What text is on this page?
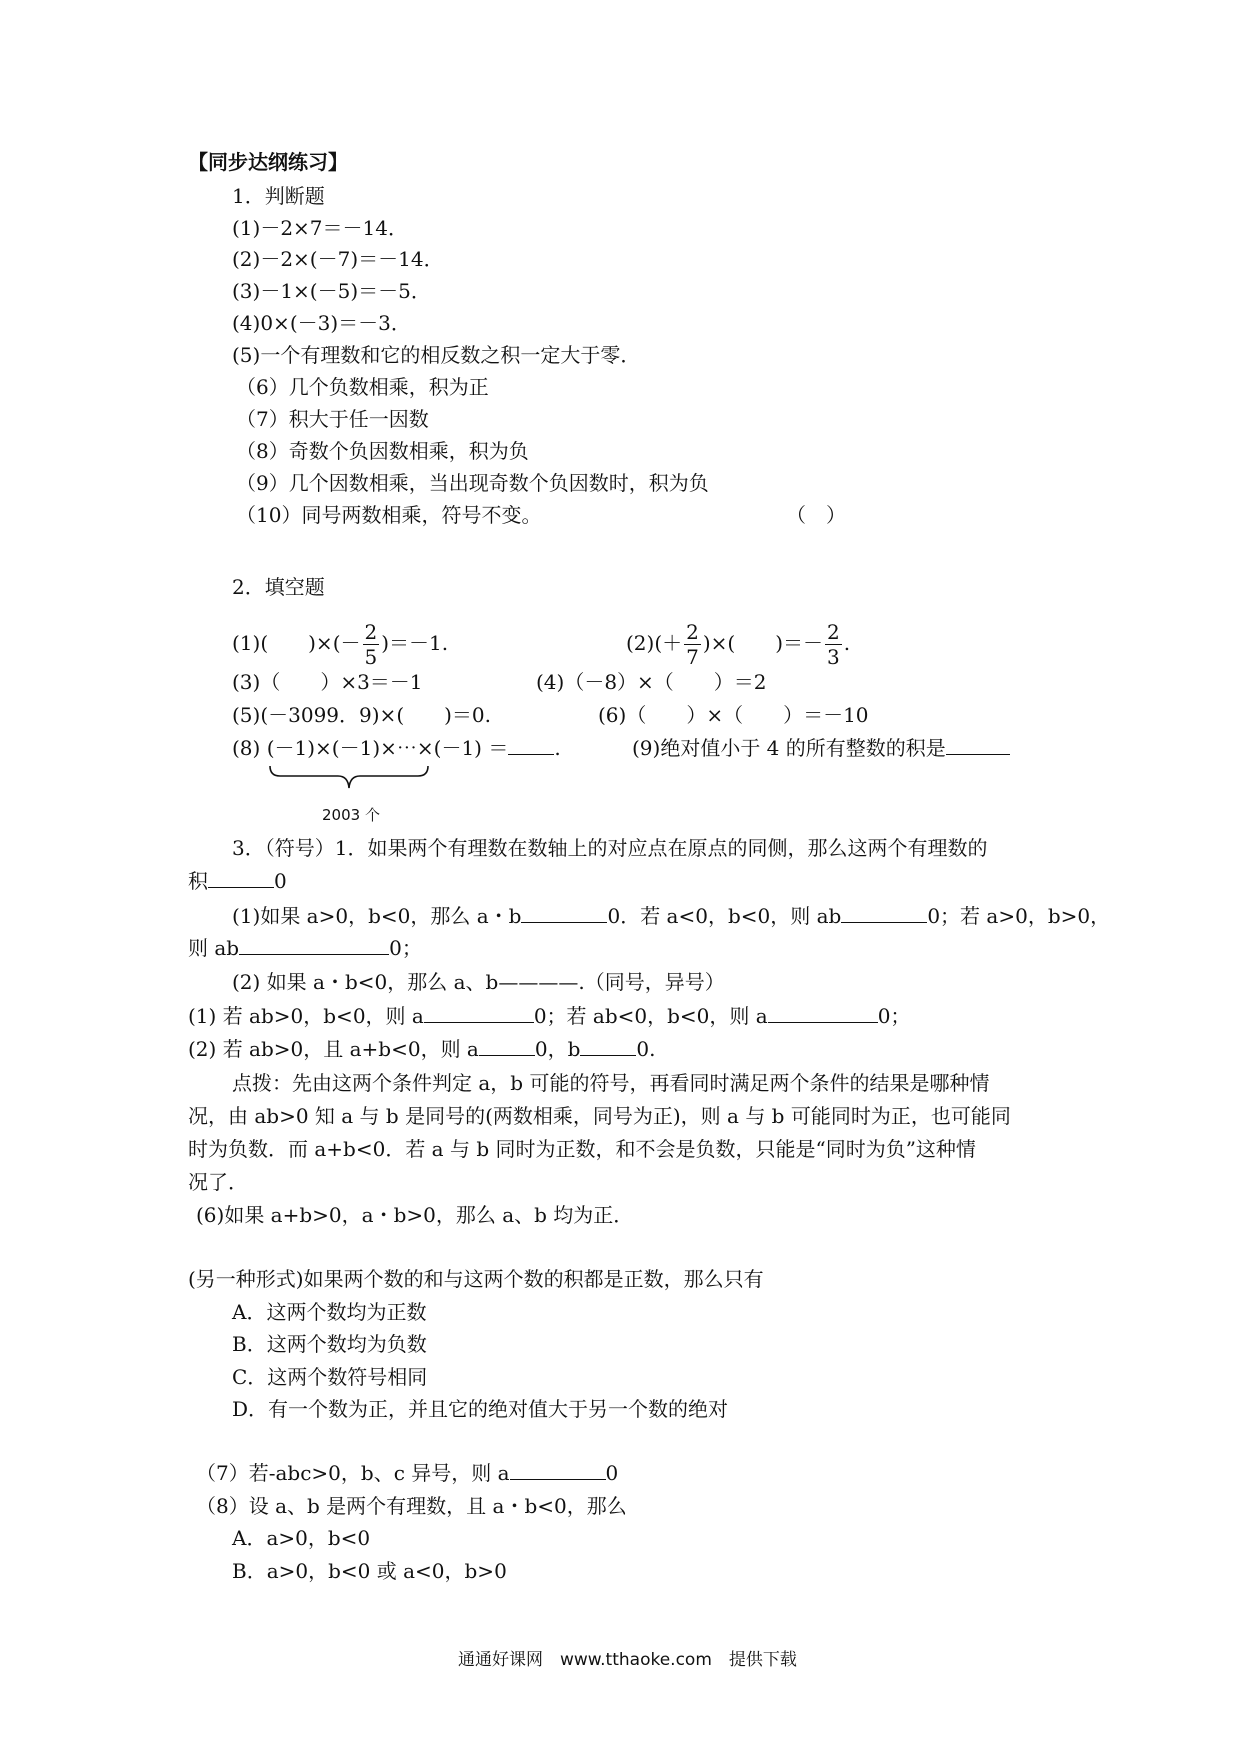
【同步达纲练习】
1．判断题
(1)－2×7＝－14．
(2)－2×(－7)＝－14．
(3)－1×(－5)＝－5．
(4)0×(－3)＝－3．
(5)一个有理数和它的相反数之积一定大于零．
（6）几个负数相乘，积为正
（7）积大于任一因数
（8）奇数个负因数相乘，积为负
（9）几个因数相乘，当出现奇数个负因数时，积为负
（10）同号两数相乘，符号不变。	（　）
2．填空题
(1)(　　)×(－ $\frac{2}{5} )=-1$.	$(2)(+ \frac{2}{7}$ )×(　　)＝－ $\frac{2}{3}$ .
(3)（　　）×3＝－1	(4)（－8）×（　　）＝2
(5)(－3099．9)×(　　)＝0.	(6)（　　）×（　　）＝－10
(8) (－1)×(－1)×⋯×(－1) ＝ .	(9)绝对值小于 4 的所有整数的积是
2003 个
3．（符号）1．如果两个有理数在数轴上的对应点在原点的同侧，那么这两个有理数的
积	0
(1)如果 a>0，b<0，那么 a・b	0．若 a<0，b<0，则 ab	0；若 a>0，b>0，
则 ab	0；
(2) 如果 a・b<0，那么 a、b————.（同号，异号）
(1) 若 ab>0，b<0，则 a	0；若 ab<0，b<0，则 a	0；
(2) 若 ab>0，且 a+b<0，则 a	0，b	0.
点拨：先由这两个条件判定 a，b 可能的符号，再看同时满足两个条件的结果是哪种情
况，由 ab>0 知 a 与 b 是同号的(两数相乘，同号为正)，则 a 与 b 可能同时为正，也可能同
时为负数．而 a+b<0．若 a 与 b 同时为正数，和不会是负数，只能是“同时为负”这种情
况了．
(6)如果 a+b>0，a・b>0，那么 a、b 均为正．
(另一种形式)如果两个数的和与这两个数的积都是正数，那么只有
A．这两个数均为正数
B．这两个数均为负数
C．这两个数符号相同
D．有一个数为正，并且它的绝对值大于另一个数的绝对
（7）若-abc>0，b、c 异号，则 a	0
（8）设 a、b 是两个有理数，且 a・b<0，那么
A．a>0，b<0
B．a>0，b<0 或 a<0，b>0
通通好课网　www.tthaoke.com　提供下载
